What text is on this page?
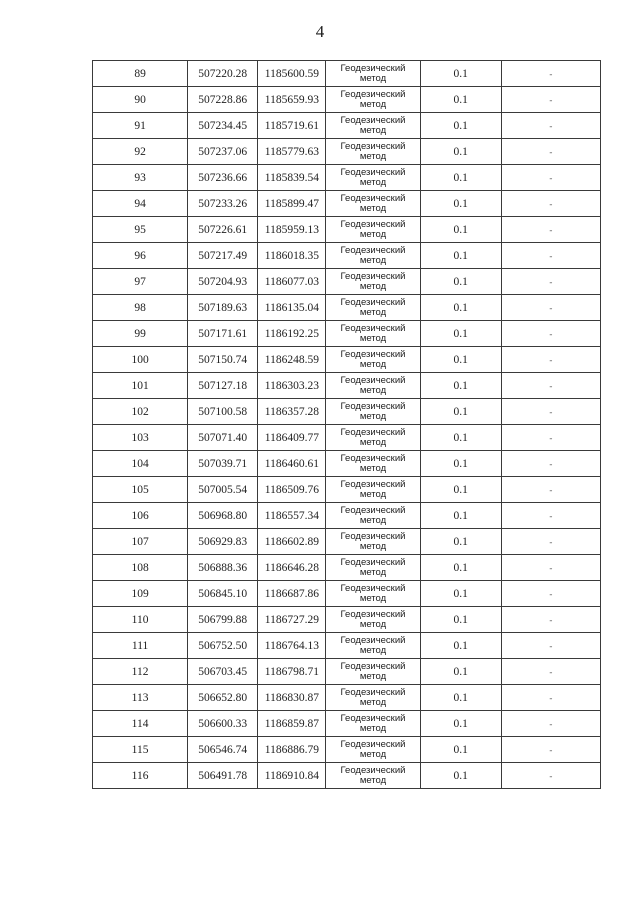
4
89	507220.28	1185600.59	Геодезический метод	0.1	-
90	507228.86	1185659.93	Геодезический метод	0.1	-
91	507234.45	1185719.61	Геодезический метод	0.1	-
92	507237.06	1185779.63	Геодезический метод	0.1	-
93	507236.66	1185839.54	Геодезический метод	0.1	-
94	507233.26	1185899.47	Геодезический метод	0.1	-
95	507226.61	1185959.13	Геодезический метод	0.1	-
96	507217.49	1186018.35	Геодезический метод	0.1	-
97	507204.93	1186077.03	Геодезический метод	0.1	-
98	507189.63	1186135.04	Геодезический метод	0.1	-
99	507171.61	1186192.25	Геодезический метод	0.1	-
100	507150.74	1186248.59	Геодезический метод	0.1	-
101	507127.18	1186303.23	Геодезический метод	0.1	-
102	507100.58	1186357.28	Геодезический метод	0.1	-
103	507071.40	1186409.77	Геодезический метод	0.1	-
104	507039.71	1186460.61	Геодезический метод	0.1	-
105	507005.54	1186509.76	Геодезический метод	0.1	-
106	506968.80	1186557.34	Геодезический метод	0.1	-
107	506929.83	1186602.89	Геодезический метод	0.1	-
108	506888.36	1186646.28	Геодезический метод	0.1	-
109	506845.10	1186687.86	Геодезический метод	0.1	-
110	506799.88	1186727.29	Геодезический метод	0.1	-
111	506752.50	1186764.13	Геодезический метод	0.1	-
112	506703.45	1186798.71	Геодезический метод	0.1	-
113	506652.80	1186830.87	Геодезический метод	0.1	-
114	506600.33	1186859.87	Геодезический метод	0.1	-
115	506546.74	1186886.79	Геодезический метод	0.1	-
116	506491.78	1186910.84	Геодезический метод	0.1	-
